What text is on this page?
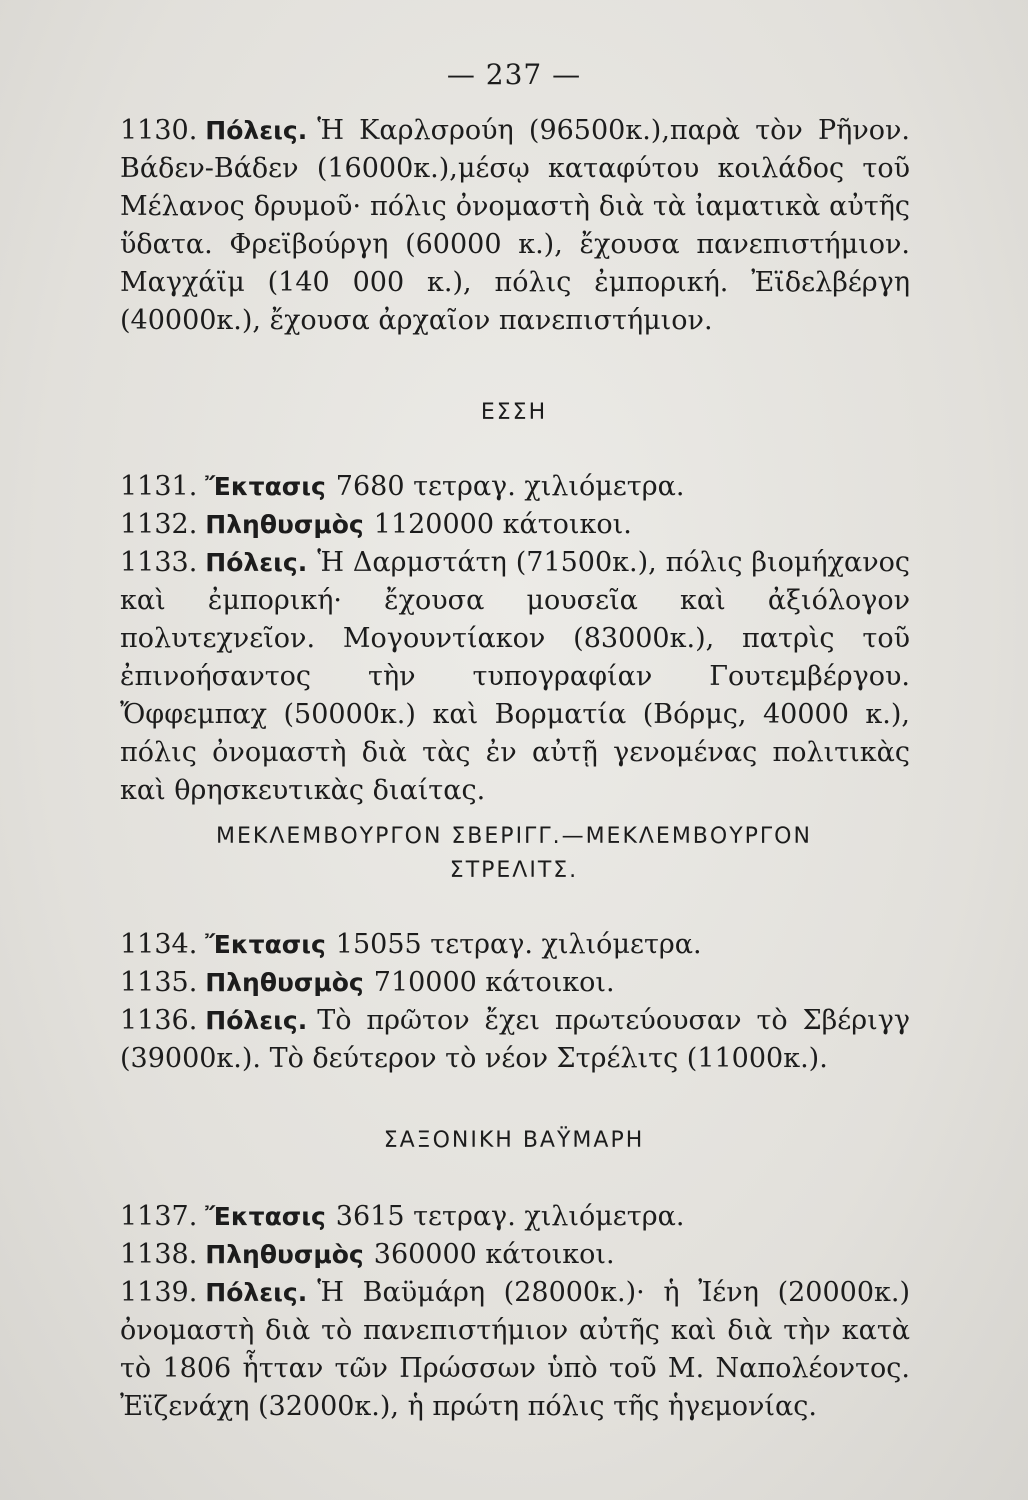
— 237 —
1130. Πόλεις. Ἡ Καρλσρούη (96500κ.),παρὰ τὸν Ρῆνον. Βάδεν-Βάδεν (16000κ.),μέσῳ καταφύτου κοιλάδος τοῦ Μέλανος δρυμοῦ· πόλις ὀνομαστὴ διὰ τὰ ἰαματικὰ αὐτῆς ὕδατα. Φρεϊβούργη (60000 κ.), ἔχουσα πανεπιστήμιον. Μαγχάϊμ (140 000 κ.), πόλις ἐμπορική. Ἐϊδελβέργη (40000κ.), ἔχουσα ἀρχαῖον πανεπιστήμιον.
ΕΣΣΗ
1131. Ἔκτασις 7680 τετραγ. χιλιόμετρα.
1132. Πληθυσμὸς 1120000 κάτοικοι.
1133. Πόλεις. Ἡ Δαρμστάτη (71500κ.), πόλις βιομήχανος καὶ ἐμπορική· ἔχουσα μουσεῖα καὶ ἀξιόλογον πολυτεχνεῖον. Μογουντίακον (83000κ.), πατρὶς τοῦ ἐπινοήσαντος τὴν τυπογραφίαν Γουτεμβέργου. Ὄφφεμπαχ (50000κ.) καὶ Βορματία (Βόρμς, 40000 κ.), πόλις ὀνομαστὴ διὰ τὰς ἐν αὐτῇ γενομένας πολιτικὰς καὶ θρησκευτικὰς διαίτας.
ΜΕΚΛΕΜΒΟΥΡΓΟΝ ΣΒΕΡΙΓΓ.—ΜΕΚΛΕΜΒΟΥΡΓΟΝ
ΣΤΡΕΛΙΤΣ.
1134. Ἔκτασις 15055 τετραγ. χιλιόμετρα.
1135. Πληθυσμὸς 710000 κάτοικοι.
1136. Πόλεις. Τὸ πρῶτον ἔχει πρωτεύουσαν τὸ Σβέριγγ (39000κ.). Τὸ δεύτερον τὸ νέον Στρέλιτς (11000κ.).
ΣΑΞΟΝΙΚΗ ΒΑΫΜΑΡΗ
1137. Ἔκτασις 3615 τετραγ. χιλιόμετρα.
1138. Πληθυσμὸς 360000 κάτοικοι.
1139. Πόλεις. Ἡ Βαϋμάρη (28000κ.)· ἡ Ἰένη (20000κ.) ὀνομαστὴ διὰ τὸ πανεπιστήμιον αὐτῆς καὶ διὰ τὴν κατὰ τὸ 1806 ἧτταν τῶν Πρώσσων ὑπὸ τοῦ Μ. Ναπολέοντος. Ἐϊζενάχη (32000κ.), ἡ πρώτη πόλις τῆς ἡγεμονίας.
